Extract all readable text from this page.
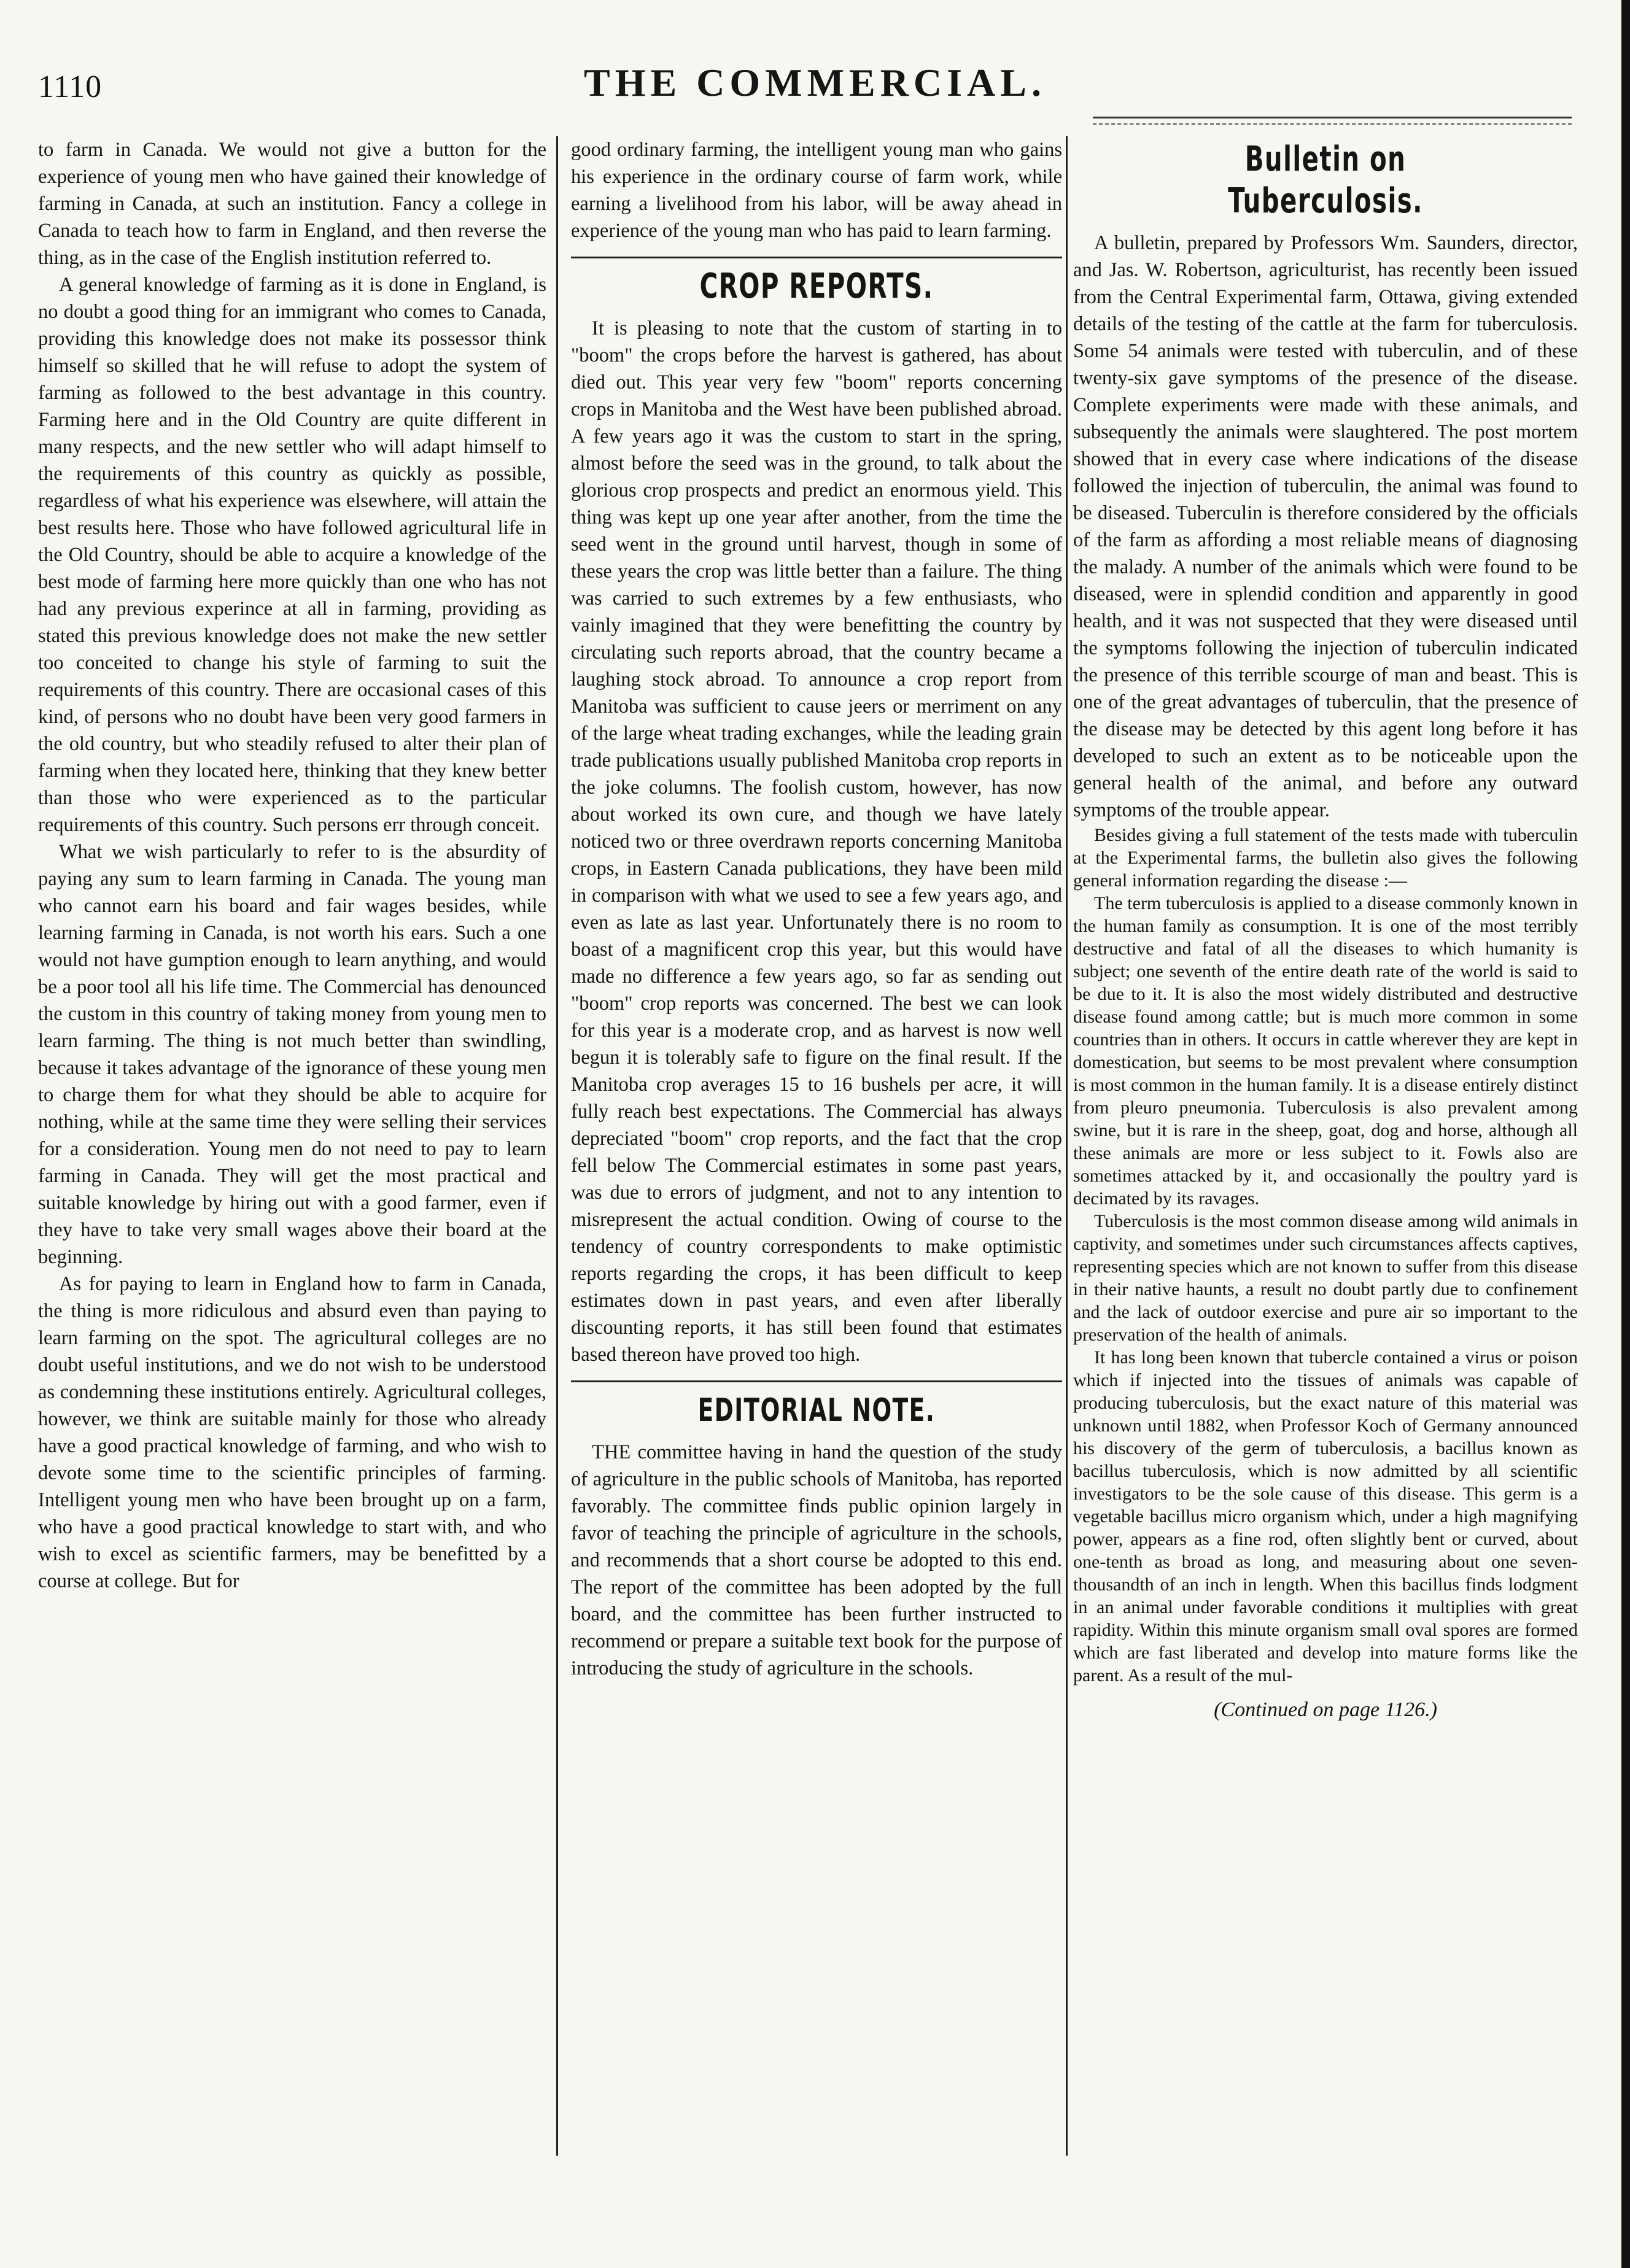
1110	THE COMMERCIAL.

to farm in Canada. We would not give a button for the experience of young men who have gained their knowledge of farming in Canada, at such an institution. Fancy a college in Canada to teach how to farm in England, and then reverse the thing, as in the case of the English institution referred to.

A general knowledge of farming as it is done in England, is no doubt a good thing for an immigrant who comes to Canada, providing this knowledge does not make its possessor think himself so skilled that he will refuse to adopt the system of farming as followed to the best advantage in this country. Farming here and in the Old Country are quite different in many respects, and the new settler who will adapt himself to the requirements of this country as quickly as possible, regardless of what his experience was elsewhere, will attain the best results here. Those who have followed agricultural life in the Old Country, should be able to acquire a knowledge of the best mode of farming here more quickly than one who has not had any previous experince at all in farming, providing as stated this previous knowledge does not make the new settler too conceited to change his style of farming to suit the requirements of this country. There are occasional cases of this kind, of persons who no doubt have been very good farmers in the old country, but who steadily refused to alter their plan of farming when they located here, thinking that they knew better than those who were experienced as to the particular requirements of this country. Such persons err through conceit.

What we wish particularly to refer to is the absurdity of paying any sum to learn farming in Canada. The young man who cannot earn his board and fair wages besides, while learning farming in Canada, is not worth his ears. Such a one would not have gumption enough to learn anything, and would be a poor tool all his life time. The Commercial has denounced the custom in this country of taking money from young men to learn farming. The thing is not much better than swindling, because it takes advantage of the ignorance of these young men to charge them for what they should be able to acquire for nothing, while at the same time they were selling their services for a consideration. Young men do not need to pay to learn farming in Canada. They will get the most practical and suitable knowledge by hiring out with a good farmer, even if they have to take very small wages above their board at the beginning.

As for paying to learn in England how to farm in Canada, the thing is more ridiculous and absurd even than paying to learn farming on the spot. The agricultural colleges are no doubt useful institutions, and we do not wish to be understood as condemning these institutions entirely. Agricultural colleges, however, we think are suitable mainly for those who already have a good practical knowledge of farming, and who wish to devote some time to the scientific principles of farming. Intelligent young men who have been brought up on a farm, who have a good practical knowledge to start with, and who wish to excel as scientific farmers, may be benefitted by a course at college. But for

good ordinary farming, the intelligent young man who gains his experience in the ordinary course of farm work, while earning a livelihood from his labor, will be away ahead in experience of the young man who has paid to learn farming.

CROP REPORTS.

It is pleasing to note that the custom of starting in to "boom" the crops before the harvest is gathered, has about died out. This year very few "boom" reports concerning crops in Manitoba and the West have been published abroad. A few years ago it was the custom to start in the spring, almost before the seed was in the ground, to talk about the glorious crop prospects and predict an enormous yield. This thing was kept up one year after another, from the time the seed went in the ground until harvest, though in some of these years the crop was little better than a failure. The thing was carried to such extremes by a few enthusiasts, who vainly imagined that they were benefitting the country by circulating such reports abroad, that the country became a laughing stock abroad. To announce a crop report from Manitoba was sufficient to cause jeers or merriment on any of the large wheat trading exchanges, while the leading grain trade publications usually published Manitoba crop reports in the joke columns. The foolish custom, however, has now about worked its own cure, and though we have lately noticed two or three overdrawn reports concerning Manitoba crops, in Eastern Canada publications, they have been mild in comparison with what we used to see a few years ago, and even as late as last year. Unfortunately there is no room to boast of a magnificent crop this year, but this would have made no difference a few years ago, so far as sending out "boom" crop reports was concerned. The best we can look for this year is a moderate crop, and as harvest is now well begun it is tolerably safe to figure on the final result. If the Manitoba crop averages 15 to 16 bushels per acre, it will fully reach best expectations. The Commercial has always depreciated "boom" crop reports, and the fact that the crop fell below The Commercial estimates in some past years, was due to errors of judgment, and not to any intention to misrepresent the actual condition. Owing of course to the tendency of country correspondents to make optimistic reports regarding the crops, it has been difficult to keep estimates down in past years, and even after liberally discounting reports, it has still been found that estimates based thereon have proved too high.

EDITORIAL NOTE.

THE committee having in hand the question of the study of agriculture in the public schools of Manitoba, has reported favorably. The committee finds public opinion largely in favor of teaching the principle of agriculture in the schools, and recommends that a short course be adopted to this end. The report of the committee has been adopted by the full board, and the committee has been further instructed to recommend or prepare a suitable text book for the purpose of introducing the study of agriculture in the schools.

Bulletin on Tuberculosis.

A bulletin, prepared by Professors Wm. Saunders, director, and Jas. W. Robertson, agriculturist, has recently been issued from the Central Experimental farm, Ottawa, giving extended details of the testing of the cattle at the farm for tuberculosis. Some 54 animals were tested with tuberculin, and of these twenty-six gave symptoms of the presence of the disease. Complete experiments were made with these animals, and subsequently the animals were slaughtered. The post mortem showed that in every case where indications of the disease followed the injection of tuberculin, the animal was found to be diseased. Tuberculin is therefore considered by the officials of the farm as affording a most reliable means of diagnosing the malady. A number of the animals which were found to be diseased, were in splendid condition and apparently in good health, and it was not suspected that they were diseased until the symptoms following the injection of tuberculin indicated the presence of this terrible scourge of man and beast. This is one of the great advantages of tuberculin, that the presence of the disease may be detected by this agent long before it has developed to such an extent as to be noticeable upon the general health of the animal, and before any outward symptoms of the trouble appear.

Besides giving a full statement of the tests made with tuberculin at the Experimental farms, the bulletin also gives the following general information regarding the disease :—

The term tuberculosis is applied to a disease commonly known in the human family as consumption. It is one of the most terribly destructive and fatal of all the diseases to which humanity is subject; one seventh of the entire death rate of the world is said to be due to it. It is also the most widely distributed and destructive disease found among cattle; but is much more common in some countries than in others. It occurs in cattle wherever they are kept in domestication, but seems to be most prevalent where consumption is most common in the human family. It is a disease entirely distinct from pleuro pneumonia. Tuberculosis is also prevalent among swine, but it is rare in the sheep, goat, dog and horse, although all these animals are more or less subject to it. Fowls also are sometimes attacked by it, and occasionally the poultry yard is decimated by its ravages.

Tuberculosis is the most common disease among wild animals in captivity, and sometimes under such circumstances affects captives, representing species which are not known to suffer from this disease in their native haunts, a result no doubt partly due to confinement and the lack of outdoor exercise and pure air so important to the preservation of the health of animals.

It has long been known that tubercle contained a virus or poison which if injected into the tissues of animals was capable of producing tuberculosis, but the exact nature of this material was unknown until 1882, when Professor Koch of Germany announced his discovery of the germ of tuberculosis, a bacillus known as bacillus tuberculosis, which is now admitted by all scientific investigators to be the sole cause of this disease. This germ is a vegetable bacillus micro organism which, under a high magnifying power, appears as a fine rod, often slightly bent or curved, about one-tenth as broad as long, and measuring about one seven-thousandth of an inch in length. When this bacillus finds lodgment in an animal under favorable conditions it multiplies with great rapidity. Within this minute organism small oval spores are formed which are fast liberated and develop into mature forms like the parent. As a result of the mul-

(Continued on page 1126.)
